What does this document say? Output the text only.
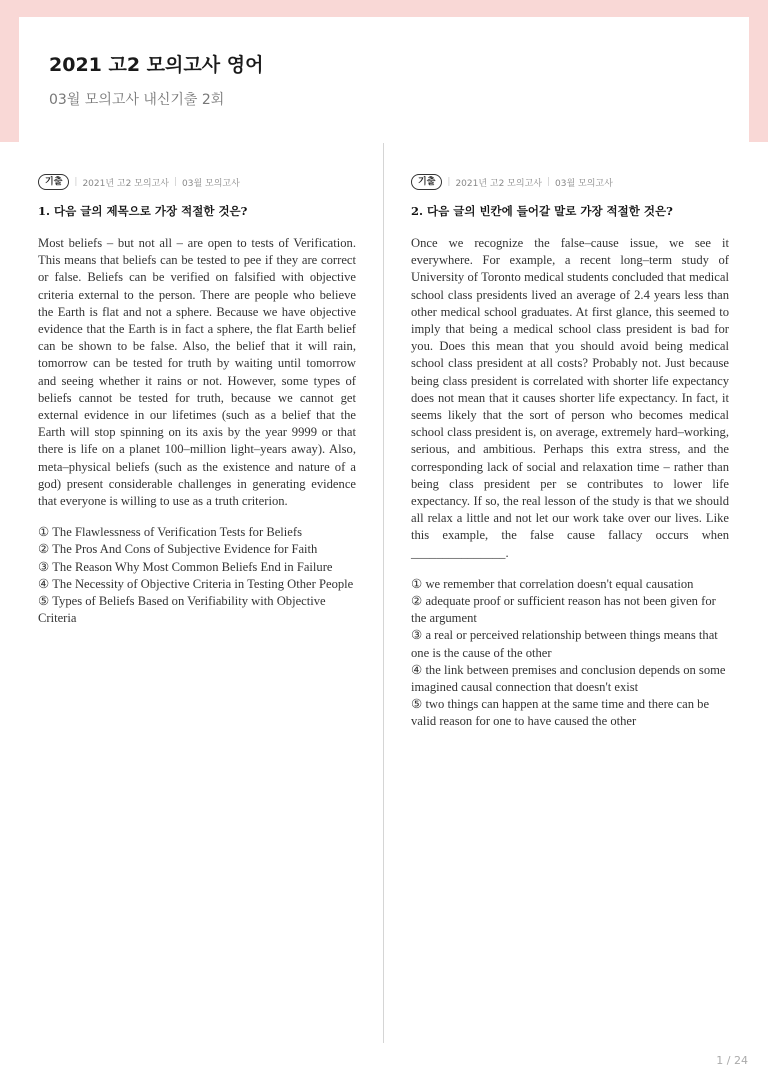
2021 고2 모의고사 영어
03월 모의고사 내신기출 2회
기출	| 2021년 고2 모의고사 | 03월 모의고사
1. 다음 글의 제목으로 가장 적절한 것은?
Most beliefs ‒ but not all ‒ are open to tests of Verification. This means that beliefs can be tested to pee if they are correct or false. Beliefs can be verified on falsified with objective criteria external to the person. There are people who believe the Earth is flat and not a sphere. Because we have objective evidence that the Earth is in fact a sphere, the flat Earth belief can be shown to be false. Also, the belief that it will rain, tomorrow can be tested for truth by waiting until tomorrow and seeing whether it rains or not. However, some types of beliefs cannot be tested for truth, because we cannot get external evidence in our lifetimes (such as a belief that the Earth will stop spinning on its axis by the year 9999 or that there is life on a planet 100‒million light‒years away). Also, meta‒physical beliefs (such as the existence and nature of a god) present considerable challenges in generating evidence that everyone is willing to use as a truth criterion.

① The Flawlessness of Verification Tests for Beliefs

② The Pros And Cons of Subjective Evidence for Faith

③ The Reason Why Most Common Beliefs End in Failure

④ The Necessity of Objective Criteria in Testing Other People

⑤ Types of Beliefs Based on Verifiability with Objective Criteria

기출	| 2021년 고2 모의고사 | 03월 모의고사
2. 다음 글의 빈칸에 들어갈 말로 가장 적절한 것은?
Once we recognize the false‒cause issue, we see it everywhere. For example, a recent long‒term study of University of Toronto medical students concluded that medical school class presidents lived an average of 2.4 years less than other medical school graduates. At first glance, this seemed to imply that being a medical school class president is bad for you. Does this mean that you should avoid being medical school class president at all costs? Probably not. Just because being class president is correlated with shorter life expectancy does not mean that it causes shorter life expectancy. In fact, it seems likely that the sort of person who becomes medical school class president is, on average, extremely hard‒working, serious, and ambitious. Perhaps this extra stress, and the corresponding lack of social and relaxation time ‒ rather than being class president per se contributes to lower life expectancy. If so, the real lesson of the study is that we should all relax a little and not let our work take over our lives. Like this example, the false cause fallacy occurs when _______________.

① we remember that correlation doesn't equal causation

② adequate proof or sufficient reason has not been given for the argument

③ a real or perceived relationship between things means that one is the cause of the other

④ the link between premises and conclusion depends on some imagined causal connection that doesn't exist

⑤ two things can happen at the same time and there can be valid reason for one to have caused the other

1 / 24
